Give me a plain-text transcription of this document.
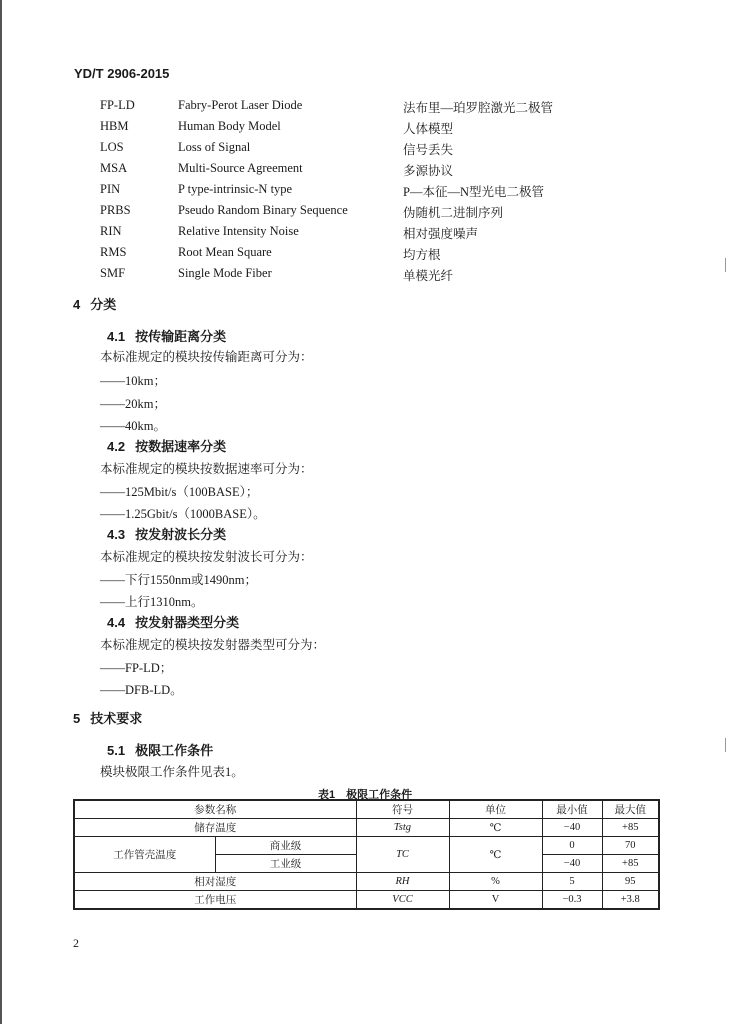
YD/T 2906-2015
FP-LD	Fabry-Perot Laser Diode	法布里—珀罗腔激光二极管
HBM	Human Body Model	人体模型
LOS	Loss of Signal	信号丢失
MSA	Multi-Source Agreement	多源协议
PIN	P type-intrinsic-N type	P—本征—N型光电二极管
PRBS	Pseudo Random Binary Sequence	伪随机二进制序列
RIN	Relative Intensity Noise	相对强度噪声
RMS	Root Mean Square	均方根
SMF	Single Mode Fiber	单模光纤
4 分类
4.1 按传输距离分类
本标准规定的模块按传输距离可分为：
——10km；
——20km；
——40km。
4.2 按数据速率分类
本标准规定的模块按数据速率可分为：
——125Mbit/s（100BASE）；
——1.25Gbit/s（1000BASE）。
4.3 按发射波长分类
本标准规定的模块按发射波长可分为：
——下行1550nm或1490nm；
——上行1310nm。
4.4 按发射器类型分类
本标准规定的模块按发射器类型可分为：
——FP-LD；
——DFB-LD。
5 技术要求
5.1 极限工作条件
模块极限工作条件见表1。
表1　极限工作条件
参数名称		符号	单位	最小值	最大值
储存温度		Tstg	℃	−40	+85
工作管壳温度	商业级	TC	℃	0	70
	工业级			−40	+85
相对湿度		RH	%	5	95
工作电压		VCC	V	−0.3	+3.8
2
